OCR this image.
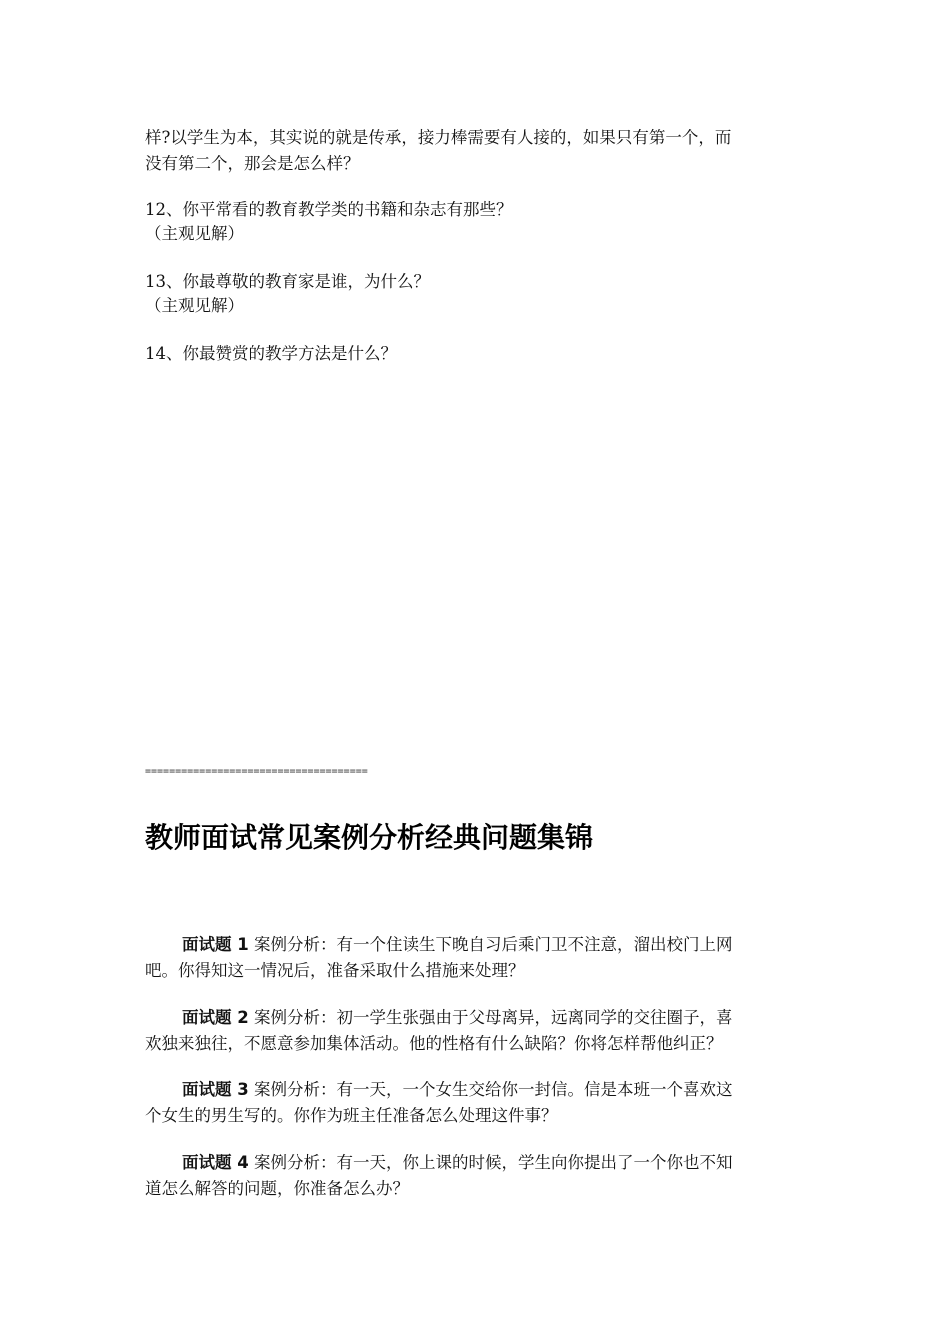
样?以学生为本，其实说的就是传承，接力棒需要有人接的，如果只有第一个，而
没有第二个，那会是怎么样？
12、你平常看的教育教学类的书籍和杂志有那些？
（主观见解）
13、你最尊敬的教育家是谁，为什么？
（主观见解）
14、你最赞赏的教学方法是什么？
=====================================
教师面试常见案例分析经典问题集锦
面试题 1 案例分析：有一个住读生下晚自习后乘门卫不注意，溜出校门上网
吧。你得知这一情况后，准备采取什么措施来处理？
面试题 2 案例分析：初一学生张强由于父母离异，远离同学的交往圈子，喜
欢独来独往，不愿意参加集体活动。他的性格有什么缺陷？你将怎样帮他纠正？
面试题 3 案例分析：有一天，一个女生交给你一封信。信是本班一个喜欢这
个女生的男生写的。你作为班主任准备怎么处理这件事？
面试题 4 案例分析：有一天，你上课的时候，学生向你提出了一个你也不知
道怎么解答的问题，你准备怎么办？
